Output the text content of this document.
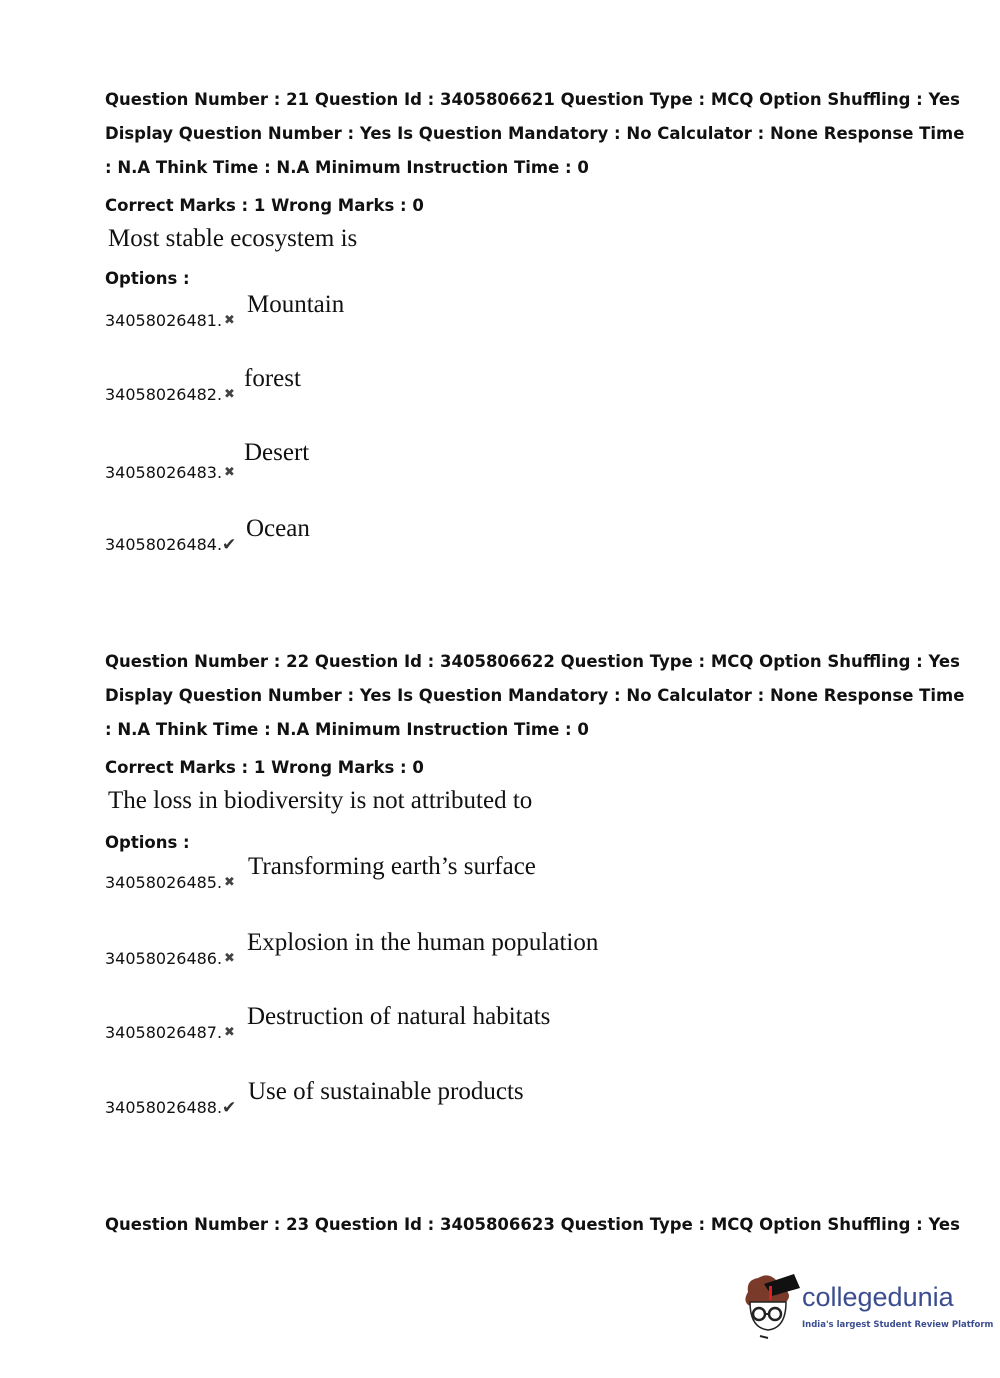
Question Number : 21 Question Id : 3405806621 Question Type : MCQ Option Shuffling : Yes
Display Question Number : Yes Is Question Mandatory : No Calculator : None Response Time
: N.A Think Time : N.A Minimum Instruction Time : 0
Correct Marks : 1 Wrong Marks : 0
Most stable ecosystem is
Options :
34058026481. ✖
Mountain
34058026482. ✖
forest
34058026483. ✖
Desert
34058026484. ✔
Ocean
Question Number : 22 Question Id : 3405806622 Question Type : MCQ Option Shuffling : Yes
Display Question Number : Yes Is Question Mandatory : No Calculator : None Response Time
: N.A Think Time : N.A Minimum Instruction Time : 0
Correct Marks : 1 Wrong Marks : 0
The loss in biodiversity is not attributed to
Options :
34058026485. ✖
Transforming earth’s surface
34058026486. ✖
Explosion in the human population
34058026487. ✖
Destruction of natural habitats
34058026488. ✔
Use of sustainable products
Question Number : 23 Question Id : 3405806623 Question Type : MCQ Option Shuffling : Yes
collegedunia
India's largest Student Review Platform
